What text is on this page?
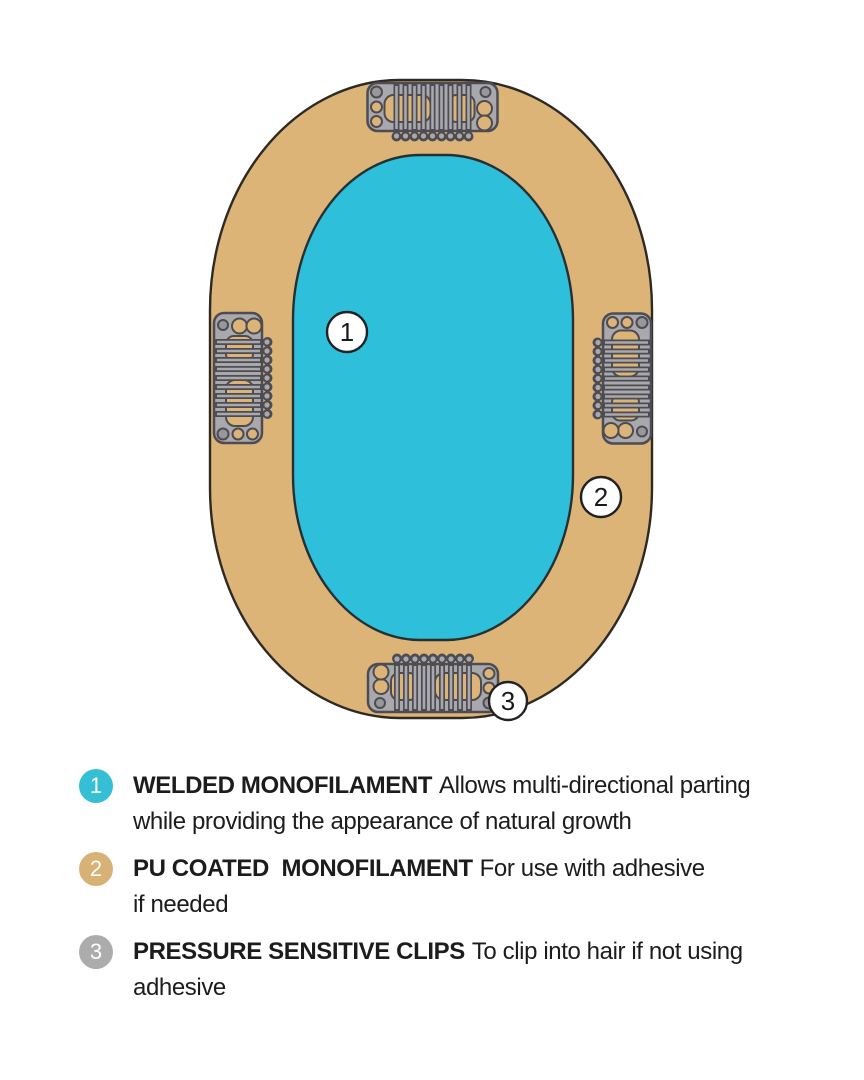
1
2
3
1	WELDED MONOFILAMENT Allows multi-directional parting
while providing the appearance of natural growth
2	PU COATED  MONOFILAMENT For use with adhesive
if needed
3	PRESSURE SENSITIVE CLIPS To clip into hair if not using
adhesive
